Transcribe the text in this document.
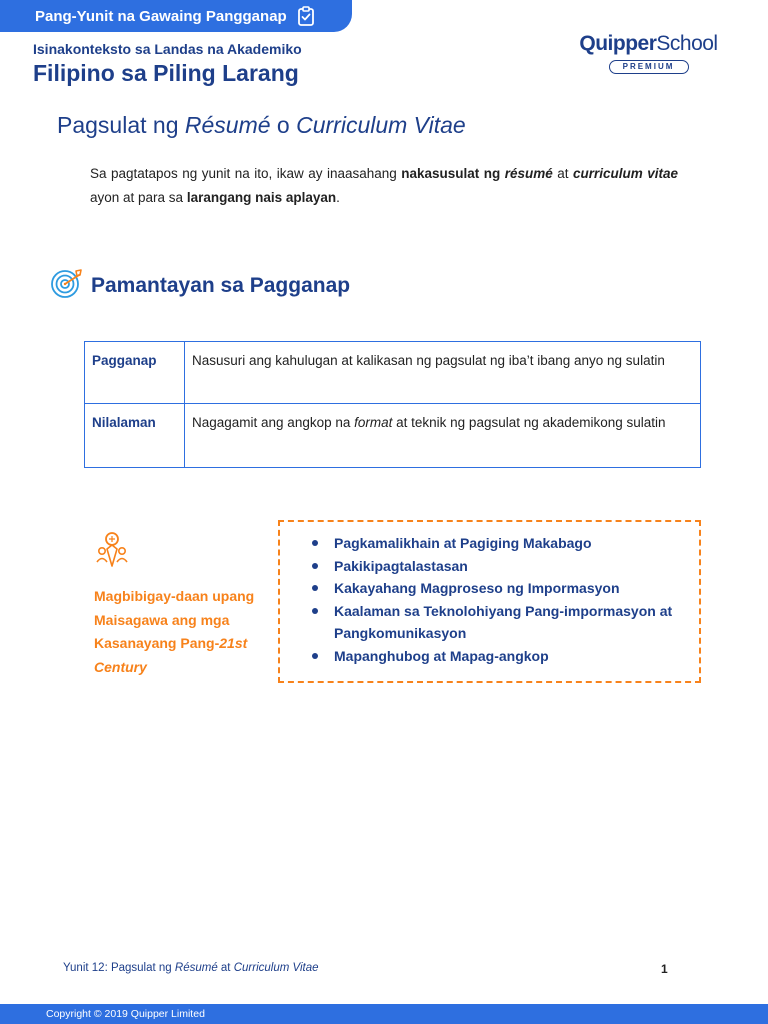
Pang-Yunit na Gawaing Pangganap
Isinakonteksto sa Landas na Akademiko
Filipino sa Piling Larang
QuipperSchool
PREMIUM
Pagsulat ng Résumé o Curriculum Vitae

Sa pagtatapos ng yunit na ito, ikaw ay inaasahang nakasusulat ng résumé at curriculum vitae ayon at para sa larangang nais aplayan.

Pamantayan sa Pagganap
Pagganap	Nasusuri ang kahulugan at kalikasan ng pagsulat ng iba’t ibang anyo ng sulatin
Nilalaman	Nagagamit ang angkop na format at teknik ng pagsulat ng akademikong sulatin
Magbibigay-daan upang Maisagawa ang mga Kasanayang Pang-21st Century
Pagkamalikhain at Pagiging Makabago
Pakikipagtalastasan
Kakayahang Magproseso ng Impormasyon
Kaalaman sa Teknolohiyang Pang-impormasyon at Pangkomunikasyon
Mapanghubog at Mapag-angkop
Yunit 12: Pagsulat ng Résumé at Curriculum Vitae	1
Copyright © 2019 Quipper Limited
